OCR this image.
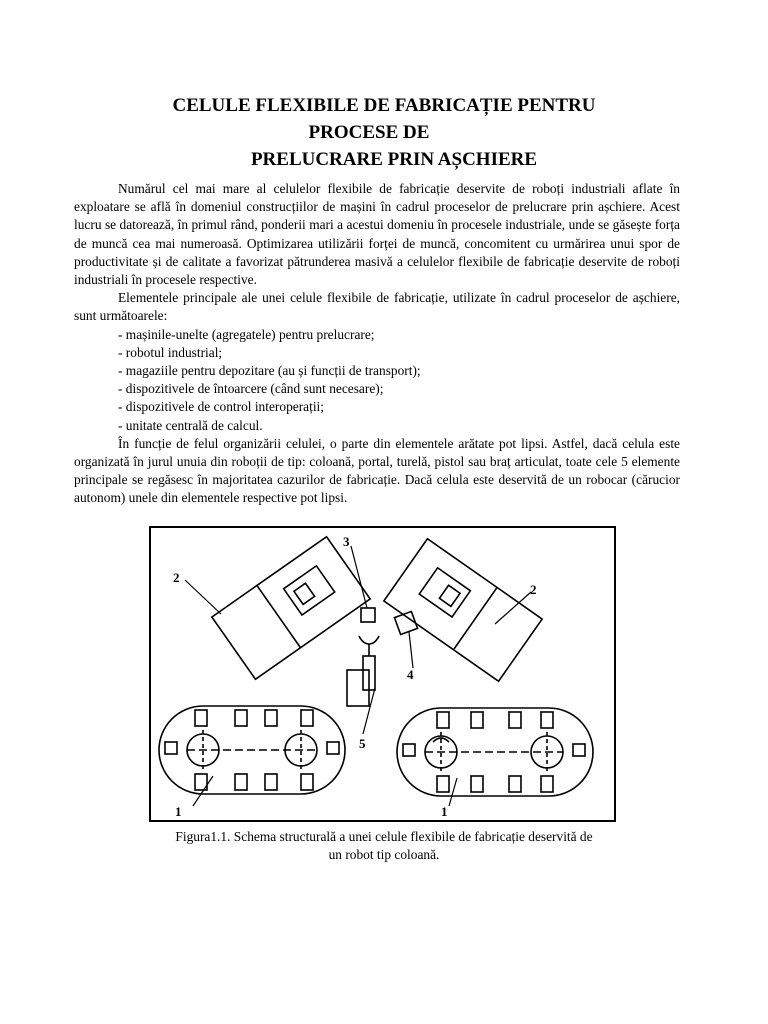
CELULE FLEXIBILE DE FABRICAȚIE PENTRU
PROCESE DE
PRELUCRARE PRIN AȘCHIERE

Numărul cel mai mare al celulelor flexibile de fabricație deservite de roboți industriali aflate în exploatare se află în domeniul construcțiilor de mașini în cadrul proceselor de prelucrare prin așchiere. Acest lucru se datorează, în primul rând, ponderii mari a acestui domeniu în procesele industriale, unde se găsește forța de muncă cea mai numeroasă. Optimizarea utilizării forței de muncă, concomitent cu urmărirea unui spor de productivitate și de calitate a favorizat pătrunderea masivă a celulelor flexibile de fabricație deservite de roboți industriali în procesele respective.

Elementele principale ale unei celule flexibile de fabricație, utilizate în cadrul proceselor de așchiere, sunt următoarele:

- mașinile-unelte (agregatele) pentru prelucrare;
- robotul industrial;
- magaziile pentru depozitare (au și funcții de transport);
- dispozitivele de întoarcere (când sunt necesare);
- dispozitivele de control interoperații;
- unitate centrală de calcul.

În funcție de felul organizării celulei, o parte din elementele arătate pot lipsi. Astfel, dacă celula este organizată în jurul unuia din roboții de tip: coloană, portal, turelă, pistol sau braț articulat, toate cele 5 elemente principale se regăsesc în majoritatea cazurilor de fabricație. Dacă celula este deservită de un robocar (cărucior autonom) unele din elementele respective pot lipsi.

2
2
3
4
5
1	1
Figura1.1. Schema structurală a unei celule flexibile de fabricație deservită de
un robot tip coloană.
